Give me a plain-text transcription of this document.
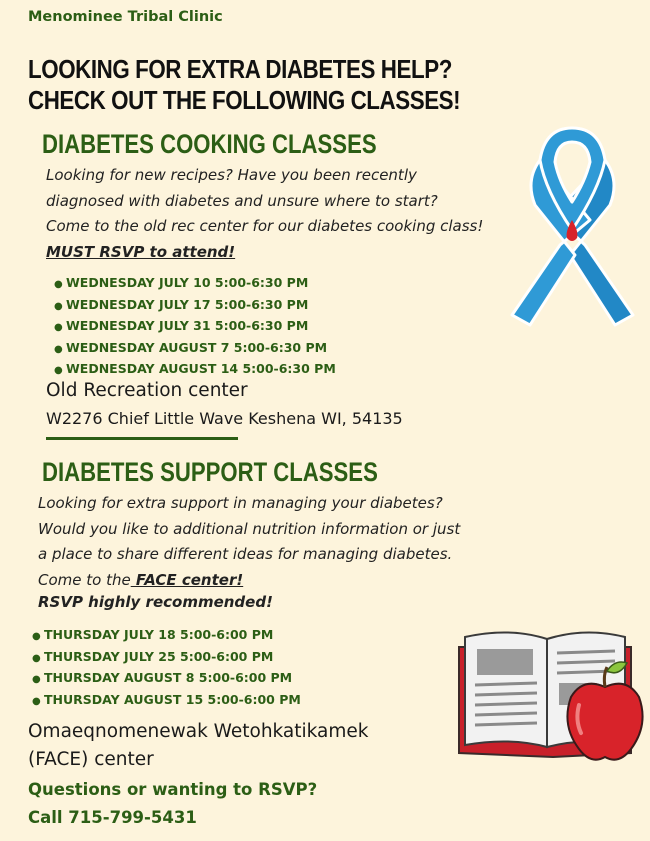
Menominee Tribal Clinic
LOOKING FOR EXTRA DIABETES HELP? CHECK OUT THE FOLLOWING CLASSES!
DIABETES COOKING CLASSES
Looking for new recipes? Have you been recently diagnosed with diabetes and unsure where to start? Come to the old rec center for our diabetes cooking class! MUST RSVP to attend!
● WEDNESDAY JULY 10 5:00-6:30 PM
● WEDNESDAY JULY 17 5:00-6:30 PM
● WEDNESDAY JULY 31 5:00-6:30 PM
● WEDNESDAY AUGUST 7 5:00-6:30 PM
● WEDNESDAY AUGUST 14 5:00-6:30 PM
Old Recreation center
W2276 Chief Little Wave Keshena WI, 54135
DIABETES SUPPORT CLASSES
Looking for extra support in managing your diabetes? Would you like to additional nutrition information or just a place to share different ideas for managing diabetes. Come to the FACE center!
RSVP highly recommended!
● THURSDAY JULY 18 5:00-6:00 PM
● THURSDAY JULY 25 5:00-6:00 PM
● THURSDAY AUGUST 8 5:00-6:00 PM
● THURSDAY AUGUST 15 5:00-6:00 PM
Omaeqnomenewak Wetohkatikamek
(FACE) center
Questions or wanting to RSVP?
Call 715-799-5431
